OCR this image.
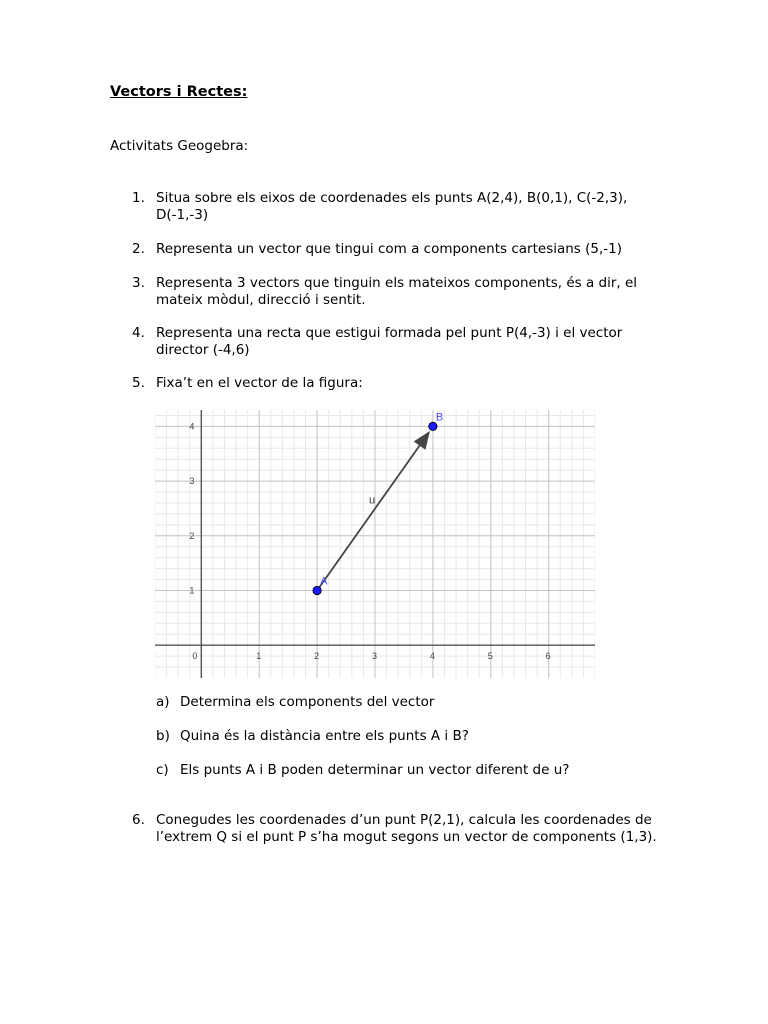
Vectors i Rectes:

Activitats Geogebra:

1. Situa sobre els eixos de coordenades els punts A(2,4), B(0,1), C(-2,3), D(-1,-3)
2. Representa un vector que tingui com a components cartesians (5,-1)
3. Representa 3 vectors que tinguin els mateixos components, és a dir, el mateix mòdul, direcció i sentit.
4. Representa una recta que estigui formada pel punt P(4,-3) i el vector director (-4,6)
5. Fixa’t en el vector de la figura:
0	1	2	3	4	5	6
1
2
3
4
u
A
B
a) Determina els components del vector
b) Quina és la distància entre els punts A i B?
c) Els punts A i B poden determinar un vector diferent de u?
6. Conegudes les coordenades d’un punt P(2,1), calcula les coordenades de l’extrem Q si el punt P s’ha mogut segons un vector de components (1,3).
